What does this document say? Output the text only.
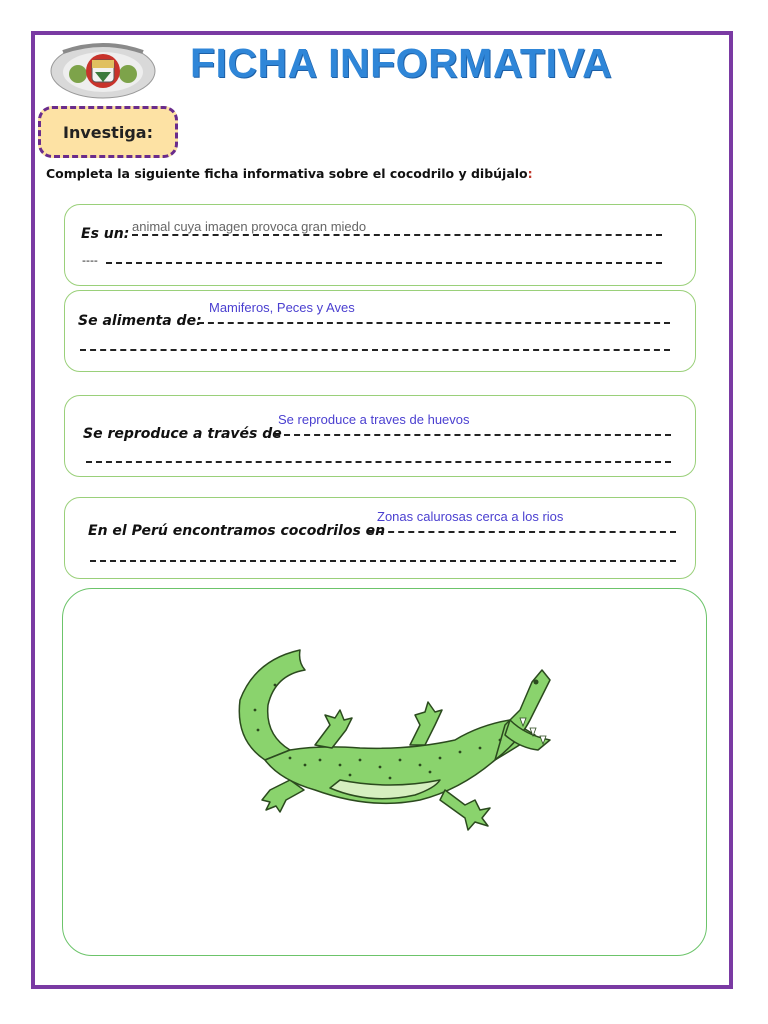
FICHA INFORMATIVA
Investiga:
Completa la siguiente ficha informativa sobre el cocodrilo y dibújalo:
Es un: animal cuya imagen provoca gran miedo
----
Se alimenta de:
Mamiferos, Peces y Aves
Se reproduce a través de
Se reproduce a traves de huevos
En el Perú encontramos cocodrilos en
Zonas calurosas cerca a los rios
